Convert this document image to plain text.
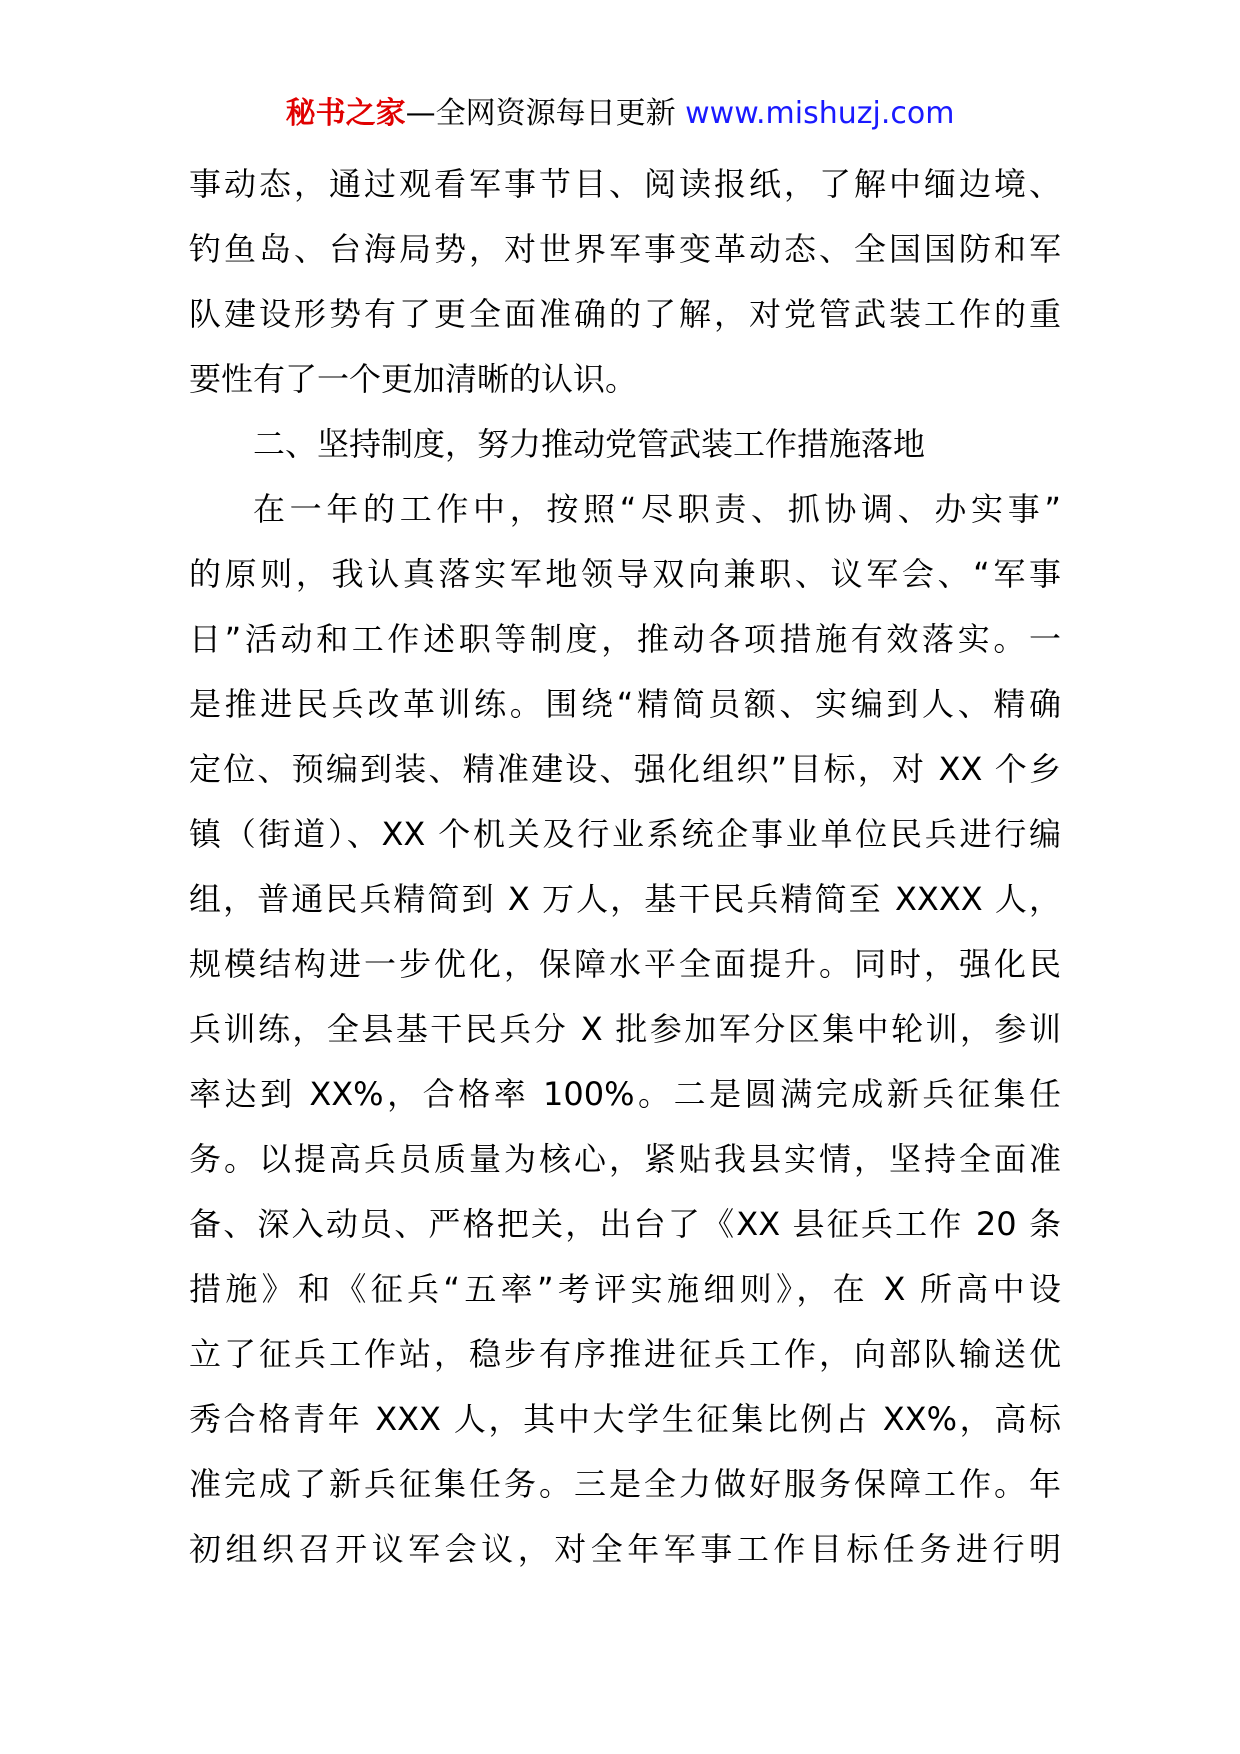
秘书之家—全网资源每日更新 www.mishuzj.com
事动态，通过观看军事节目、阅读报纸，了解中缅边境、
钓鱼岛、台海局势，对世界军事变革动态、全国国防和军
队建设形势有了更全面准确的了解，对党管武装工作的重
要性有了一个更加清晰的认识。
二、坚持制度，努力推动党管武装工作措施落地
在一年的工作中，按照“尽职责、抓协调、办实事”
的原则，我认真落实军地领导双向兼职、议军会、“军事
日”活动和工作述职等制度，推动各项措施有效落实。一
是推进民兵改革训练。围绕“精简员额、实编到人、精确
定位、预编到装、精准建设、强化组织”目标，对 XX 个乡
镇（街道）、XX 个机关及行业系统企事业单位民兵进行编
组，普通民兵精简到 X 万人，基干民兵精简至 XXXX 人，
规模结构进一步优化，保障水平全面提升。同时，强化民
兵训练，全县基干民兵分 X 批参加军分区集中轮训，参训
率达到 XX%，合格率 100%。二是圆满完成新兵征集任
务。以提高兵员质量为核心，紧贴我县实情，坚持全面准
备、深入动员、严格把关，出台了《XX 县征兵工作 20 条
措施》和《征兵“五率”考评实施细则》，在 X 所高中设
立了征兵工作站，稳步有序推进征兵工作，向部队输送优
秀合格青年 XXX 人，其中大学生征集比例占 XX%，高标
准完成了新兵征集任务。三是全力做好服务保障工作。年
初组织召开议军会议，对全年军事工作目标任务进行明
